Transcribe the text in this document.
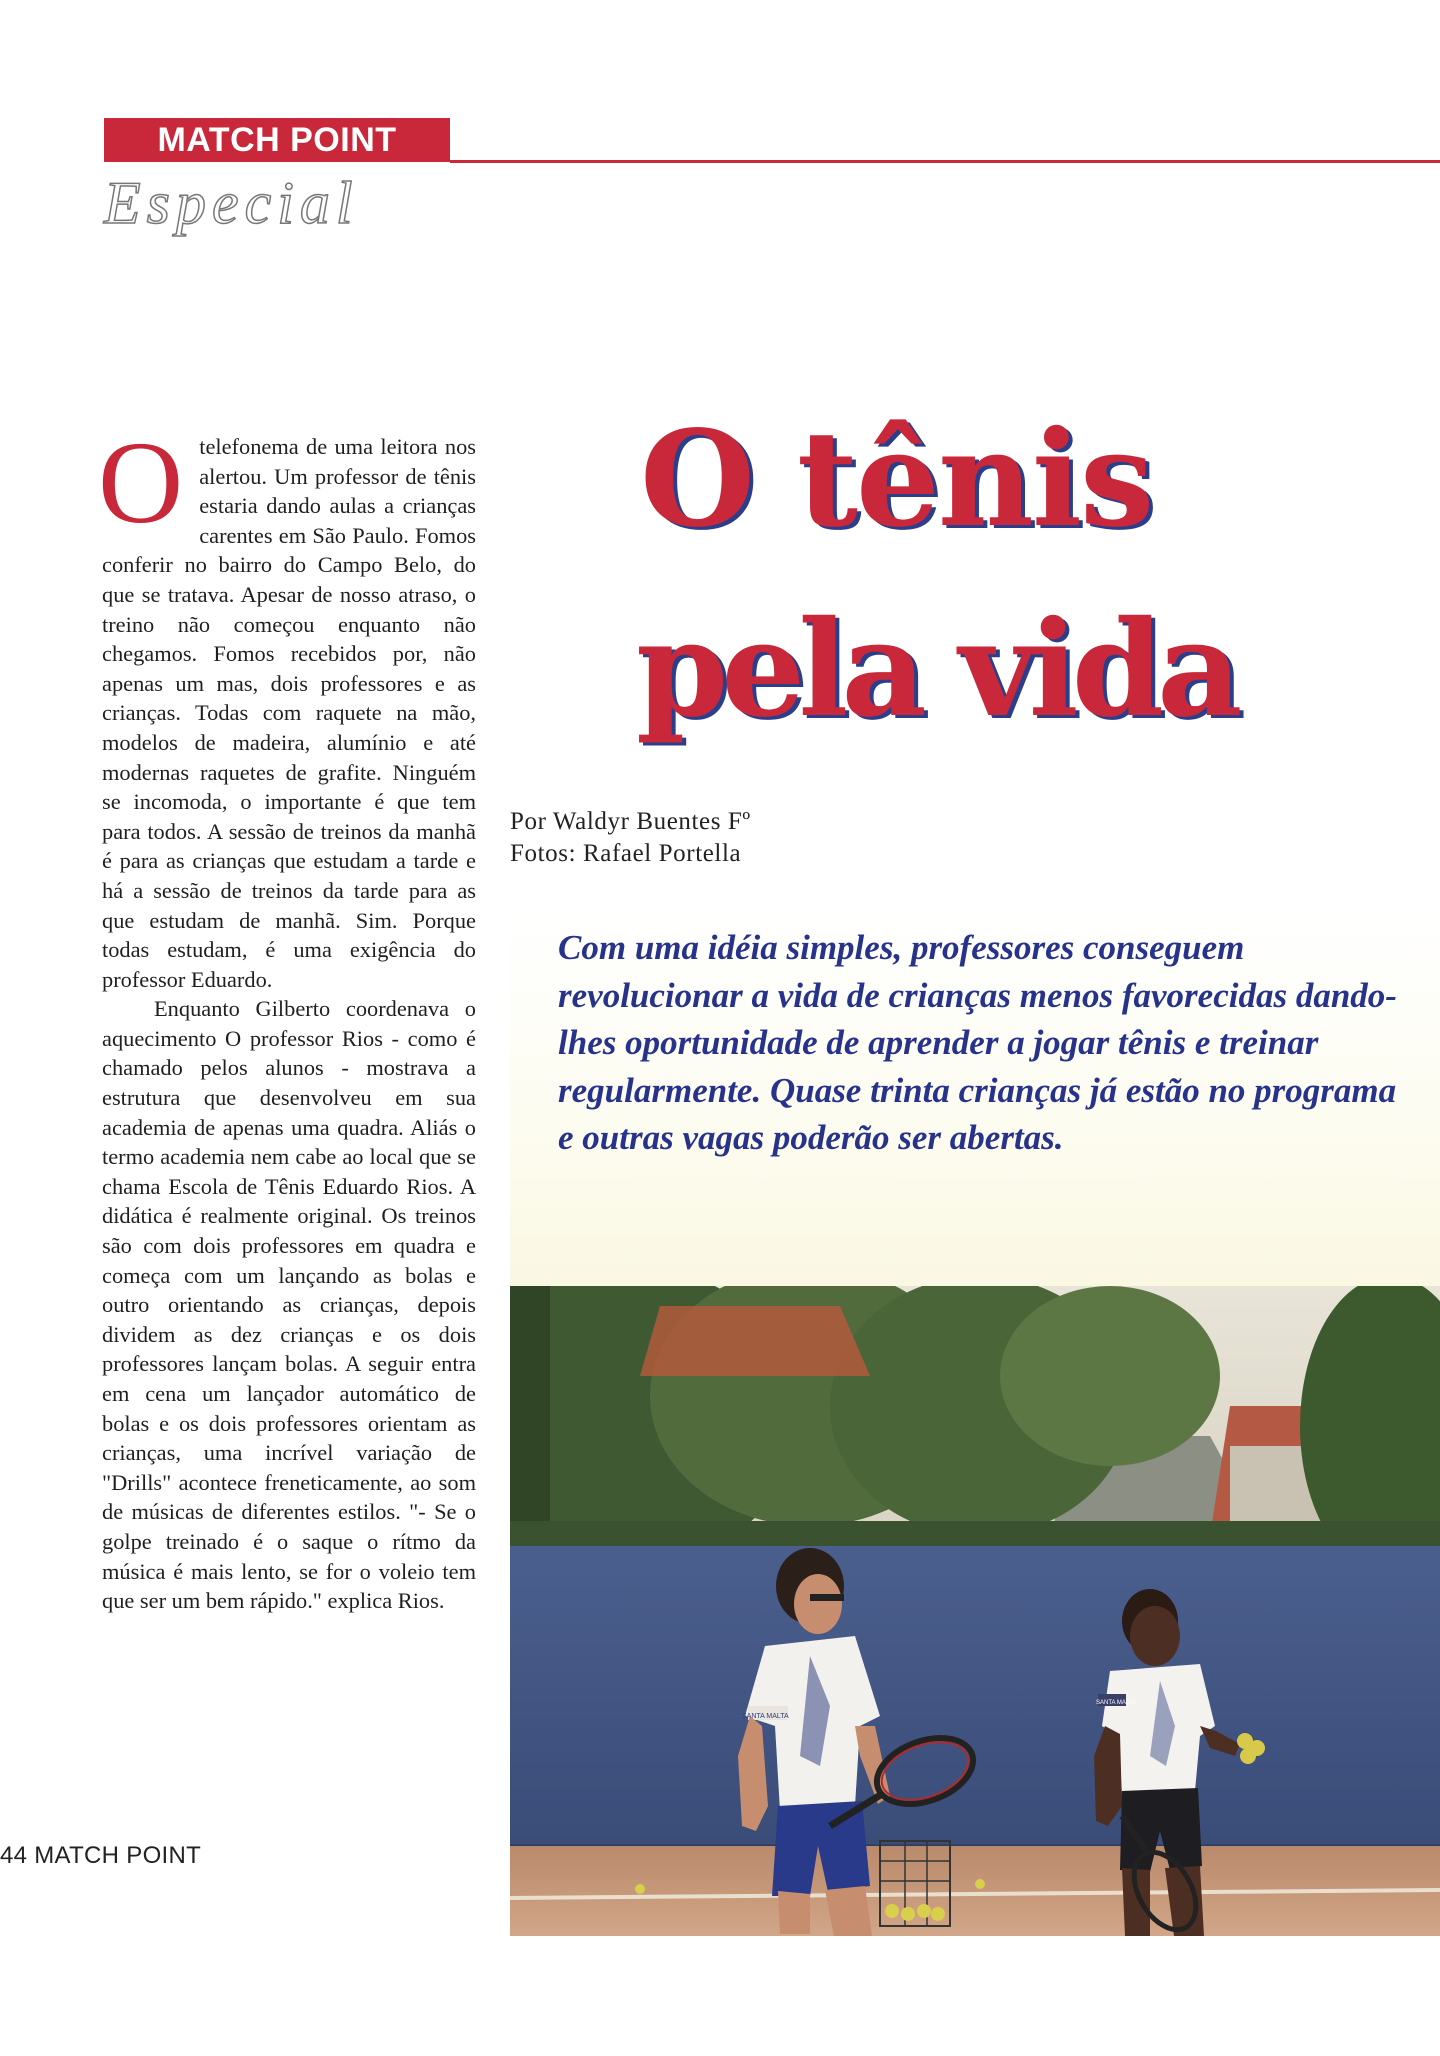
MATCH POINT
Especial

O telefonema de uma leitora nos alertou. Um professor de tênis estaria dando aulas a crianças carentes em São Paulo. Fomos conferir no bairro do Campo Belo, do que se tratava. Apesar de nosso atraso, o treino não começou enquanto não chegamos. Fomos recebidos por, não apenas um mas, dois professores e as crianças. Todas com raquete na mão, modelos de madeira, alumínio e até modernas raquetes de grafite. Ninguém se incomoda, o importante é que tem para todos. A sessão de treinos da manhã é para as crianças que estudam a tarde e há a sessão de treinos da tarde para as que estudam de manhã. Sim. Porque todas estudam, é uma exigência do professor Eduardo.

Enquanto Gilberto coordenava o aquecimento O professor Rios - como é chamado pelos alunos - mostrava a estrutura que desenvolveu em sua academia de apenas uma quadra. Aliás o termo academia nem cabe ao local que se chama Escola de Tênis Eduardo Rios. A didática é realmente original. Os treinos são com dois professores em quadra e começa com um lançando as bolas e outro orientando as crianças, depois dividem as dez crianças e os dois professores lançam bolas. A seguir entra em cena um lançador automático de bolas e os dois professores orientam as crianças, uma incrível variação de "Drills" acontece freneticamente, ao som de músicas de diferentes estilos. "- Se o golpe treinado é o saque o rítmo da música é mais lento, se for o voleio tem que ser um bem rápido." explica Rios.

44 MATCH POINT
O tênis
pela vida
Por Waldyr Buentes Fº
Fotos: Rafael Portella

Com uma idéia simples, professores conseguem revolucionar a vida de crianças menos favorecidas dando-lhes oportunidade de aprender a jogar tênis e treinar regularmente. Quase trinta crianças já estão no programa e outras vagas poderão ser abertas.

SANTA MALTA
SANTA MALTA
